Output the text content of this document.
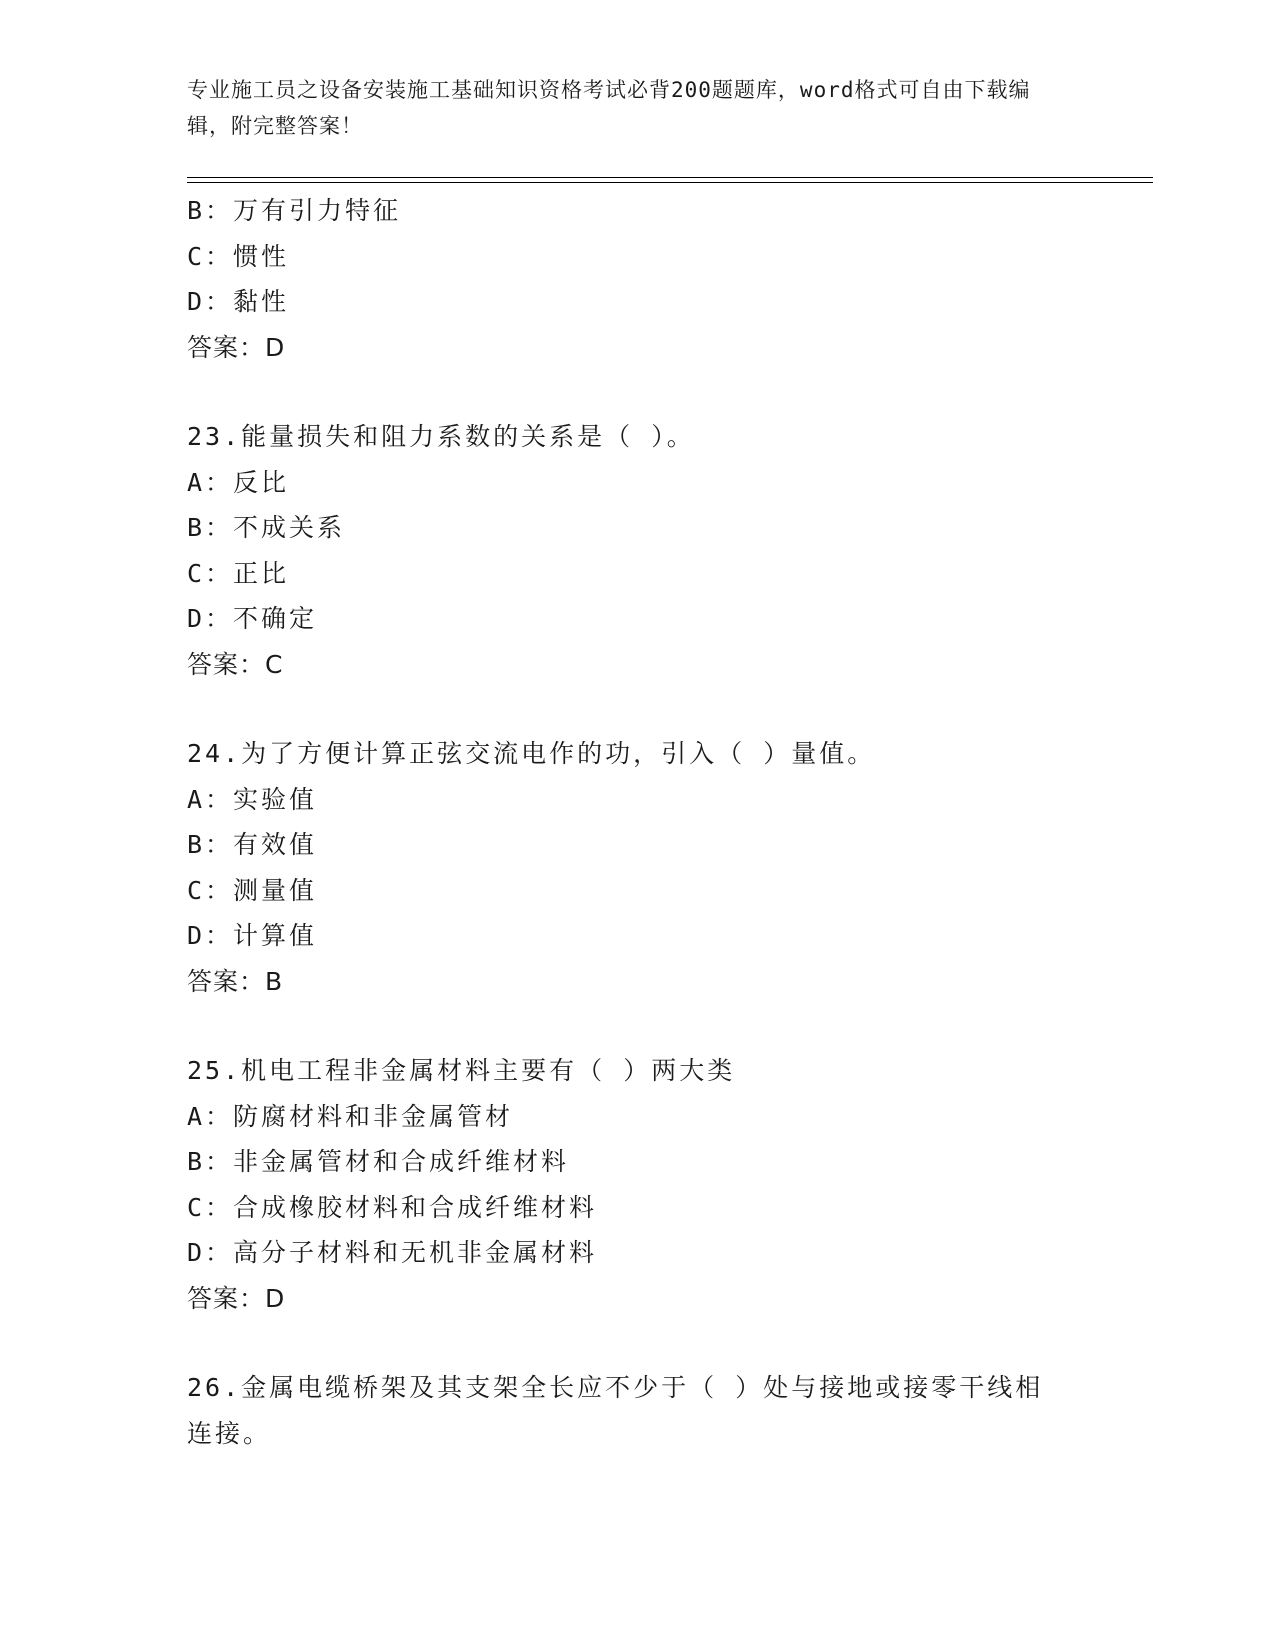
专业施工员之设备安装施工基础知识资格考试必背200题题库，word格式可自由下载编辑，附完整答案！
B：万有引力特征
C：惯性
D：黏性
答案：D
23.能量损失和阻力系数的关系是（ ）。
A：反比
B：不成关系
C：正比
D：不确定
答案：C
24.为了方便计算正弦交流电作的功，引入（ ）量值。
A：实验值
B：有效值
C：测量值
D：计算值
答案：B
25.机电工程非金属材料主要有（ ）两大类
A：防腐材料和非金属管材
B：非金属管材和合成纤维材料
C：合成橡胶材料和合成纤维材料
D：高分子材料和无机非金属材料
答案：D
26.金属电缆桥架及其支架全长应不少于（ ）处与接地或接零干线相连接。
